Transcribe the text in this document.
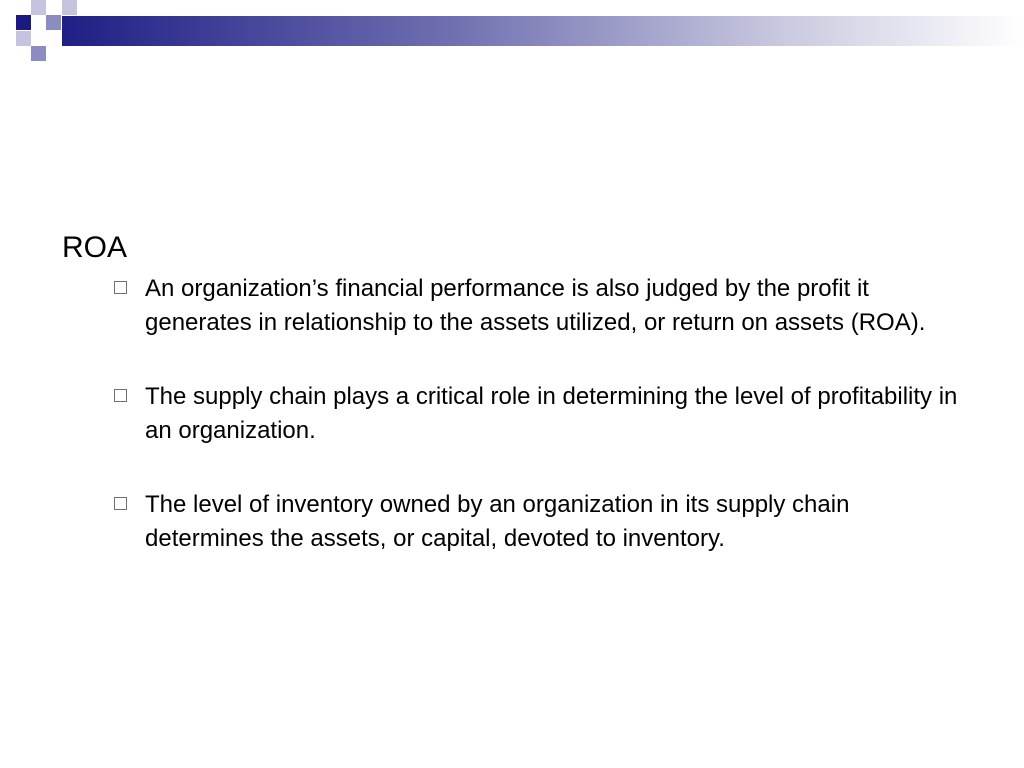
ROA
An organization’s financial performance is also judged by the profit it generates in relationship to the assets utilized, or return on assets (ROA).
The supply chain plays a critical role in determining the level of profitability in an organization.
The level of inventory owned by an organization in its supply chain determines the assets, or capital, devoted to inventory.
